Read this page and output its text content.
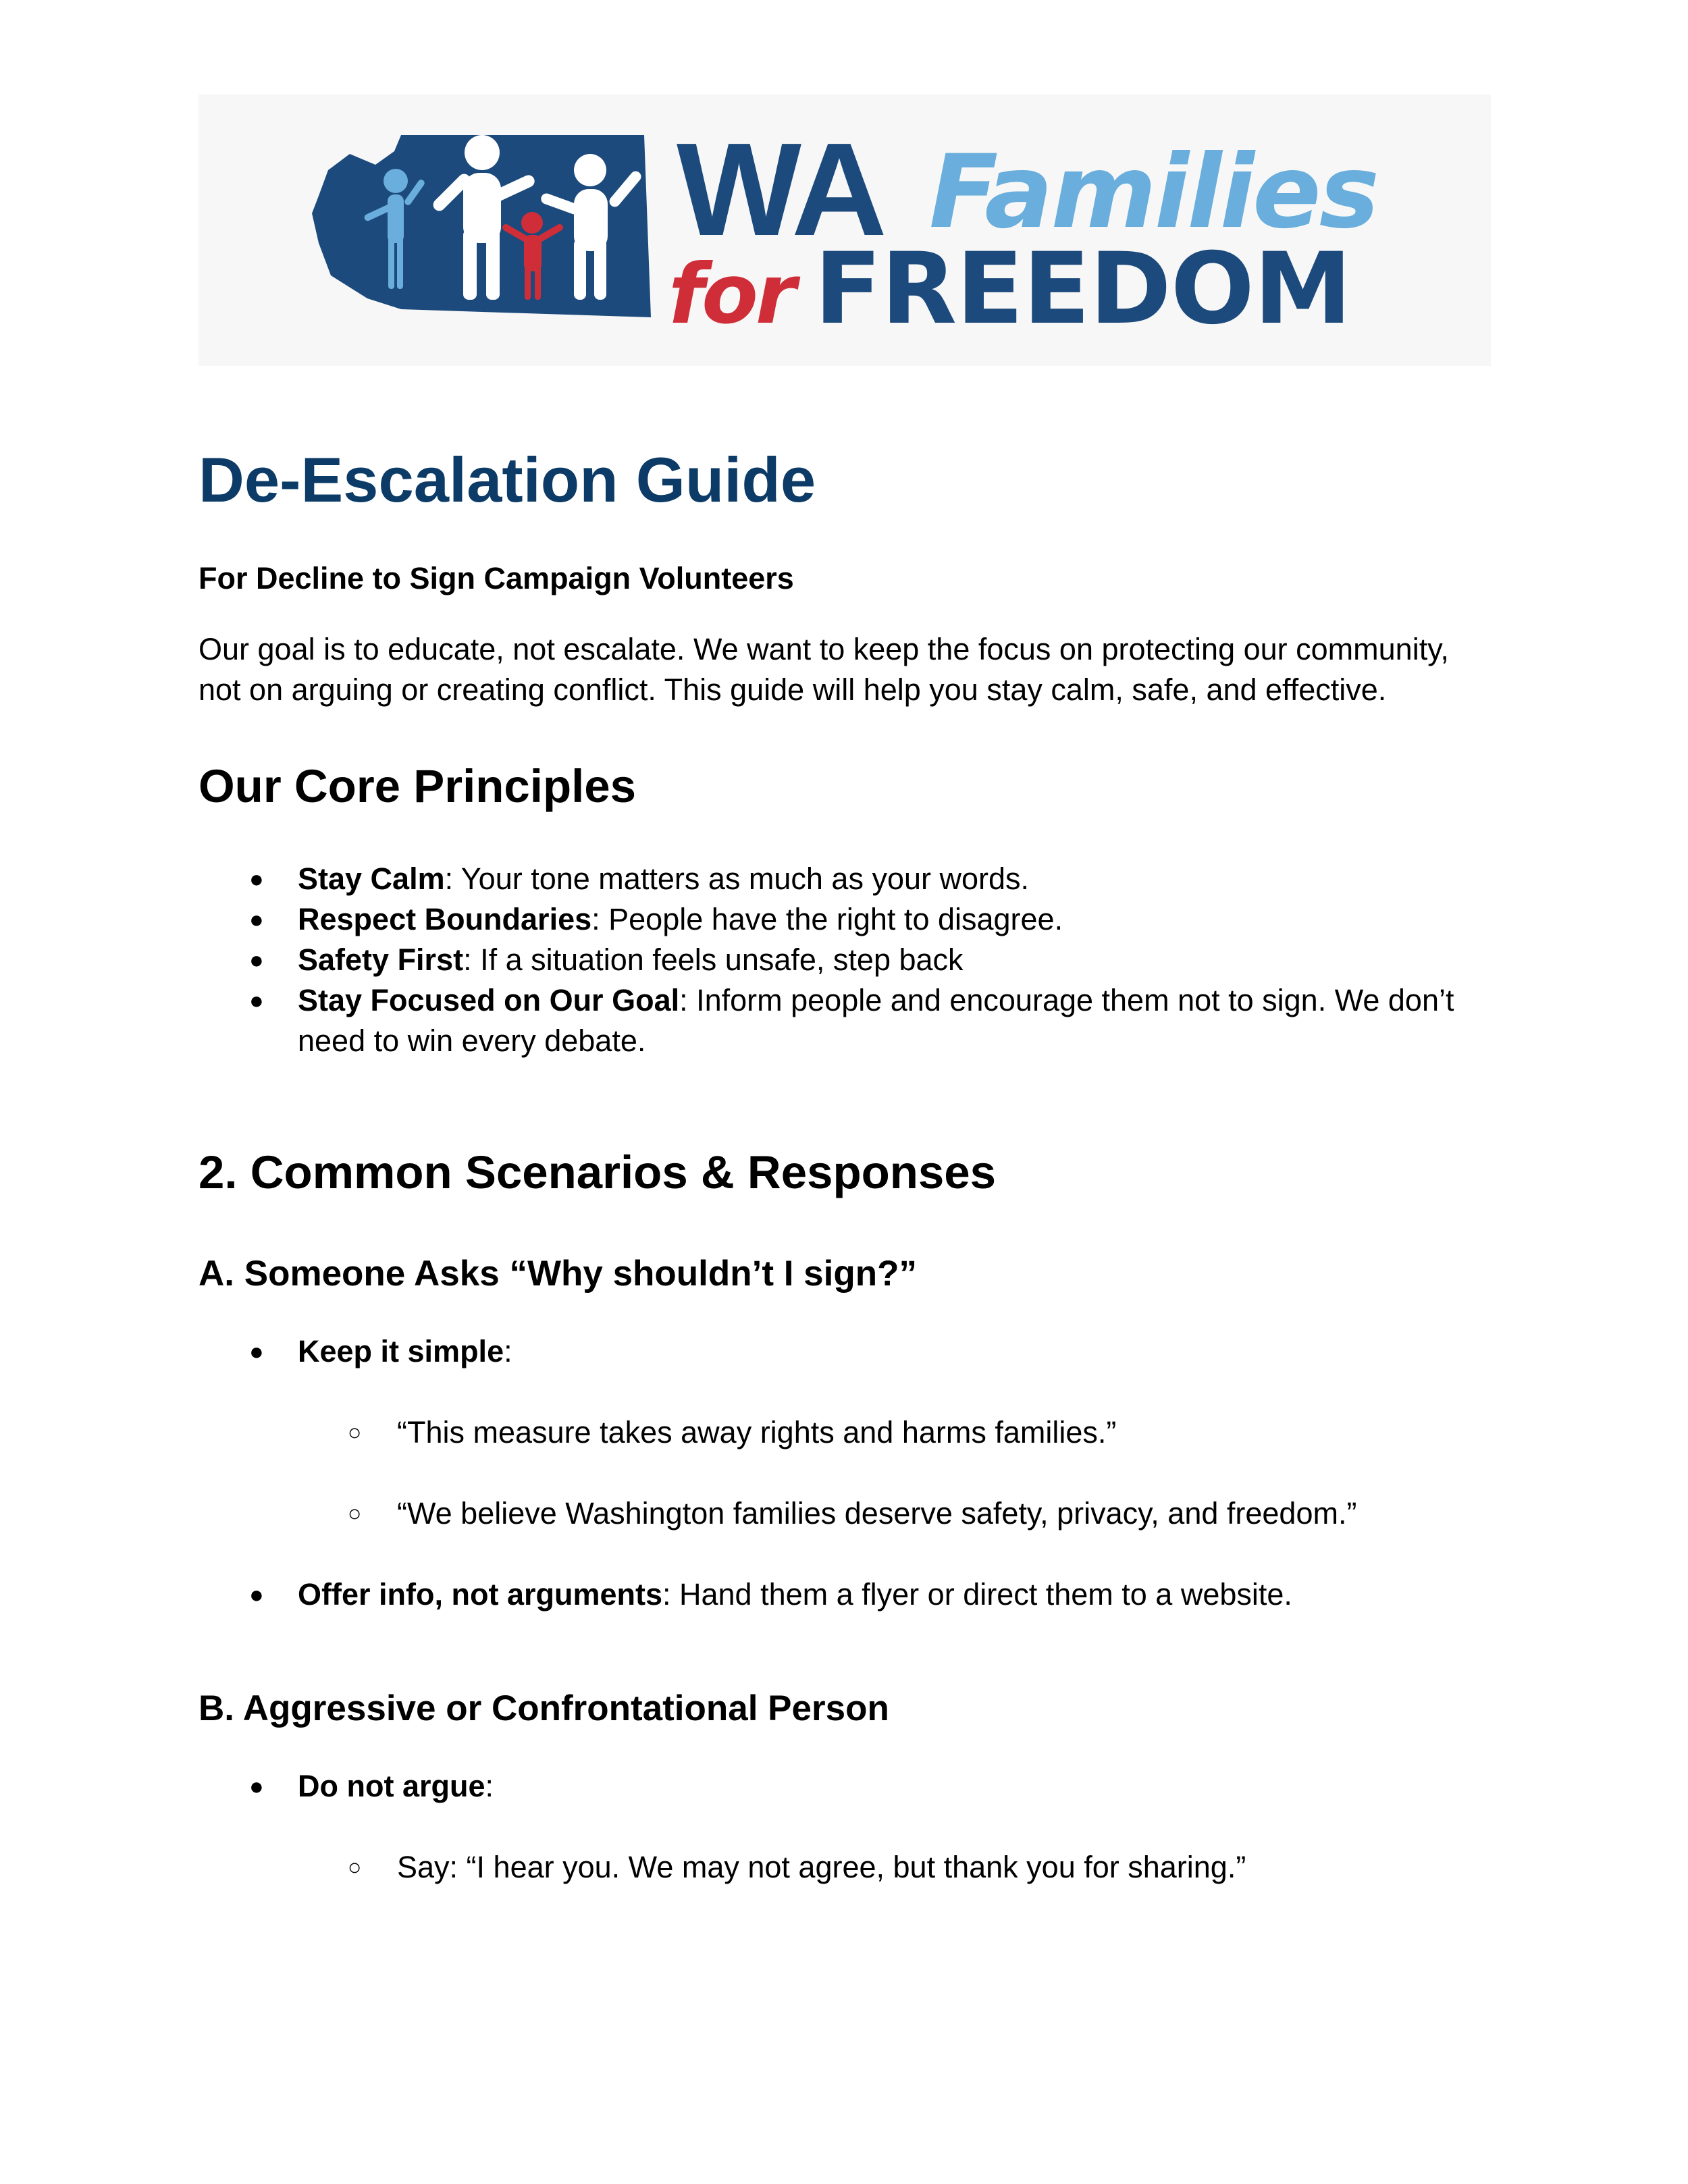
WA Families
for FREEDOM
De-Escalation Guide
For Decline to Sign Campaign Volunteers
Our goal is to educate, not escalate. We want to keep the focus on protecting our community,
not on arguing or creating conflict. This guide will help you stay calm, safe, and effective.
Our Core Principles
● Stay Calm: Your tone matters as much as your words.
● Respect Boundaries: People have the right to disagree.
● Safety First: If a situation feels unsafe, step back
● Stay Focused on Our Goal: Inform people and encourage them not to sign. We don’t
need to win every debate.
2. Common Scenarios & Responses
A. Someone Asks “Why shouldn’t I sign?”
● Keep it simple:
○ “This measure takes away rights and harms families.”
○ “We believe Washington families deserve safety, privacy, and freedom.”
● Offer info, not arguments: Hand them a flyer or direct them to a website.
B. Aggressive or Confrontational Person
● Do not argue:
○ Say: “I hear you. We may not agree, but thank you for sharing.”
